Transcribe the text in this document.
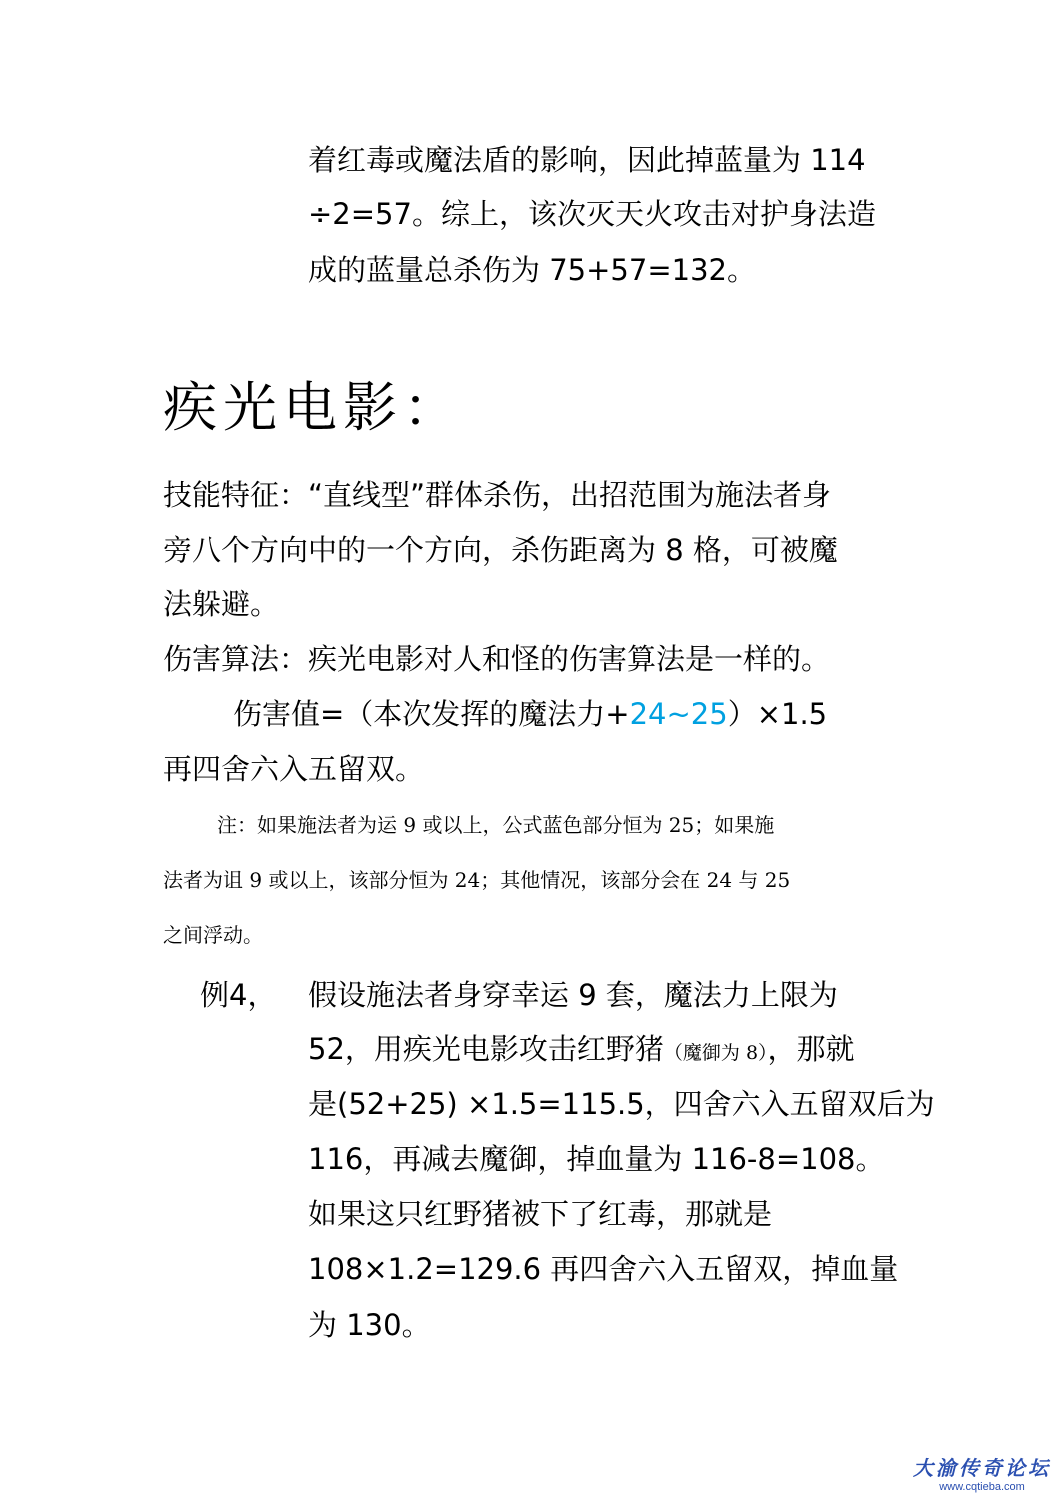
着红毒或魔法盾的影响，因此掉蓝量为 114
÷2=57。综上，该次灭天火攻击对护身法造
成的蓝量总杀伤为 75+57=132。
疾光电影：
技能特征：“直线型”群体杀伤，出招范围为施法者身
旁八个方向中的一个方向，杀伤距离为 8 格，可被魔
法躲避。
伤害算法：疾光电影对人和怪的伤害算法是一样的。
伤害值=（本次发挥的魔法力+24~25）×1.5
再四舍六入五留双。
注：如果施法者为运 9 或以上，公式蓝色部分恒为 25；如果施
法者为诅 9 或以上，该部分恒为 24；其他情况，该部分会在 24 与 25
之间浮动。
例4， 假设施法者身穿幸运 9 套，魔法力上限为
52，用疾光电影攻击红野猪（魔御为 8），那就
是(52+25) ×1.5=115.5，四舍六入五留双后为
116，再减去魔御，掉血量为 116-8=108。
如果这只红野猪被下了红毒，那就是
108×1.2=129.6 再四舍六入五留双，掉血量
为 130。
大渝传奇论坛
www.cqtieba.com
